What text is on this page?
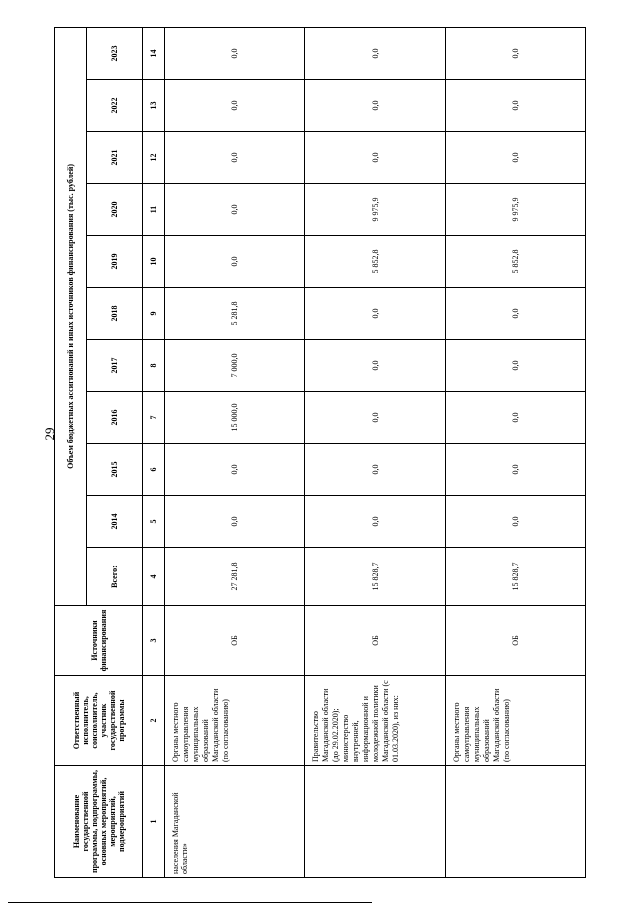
29
Наименование государственной программы, подпрограммы, основных мероприятий, мероприятий, подмероприятий	Ответственный исполнитель, соисполнитель, участник государственной программы	Источники финансирования	Объем бюджетных ассигнований и иных источников финансирования (тыс. рублей)										
			Всего:	2014	2015	2016	2017	2018	2019	2020	2021	2022	2023
1	2	3	4	5	6	7	8	9	10	11	12	13	14
населения Магаданской области»	Органы местного самоуправления муниципальных образований Магаданской области (по согласованию)	ОБ	27 281,8	0,0	0,0	15 000,0	7 000,0	5 281,8	0,0	0,0	0,0	0,0	0,0
	Правительство Магаданской области (до 29.02.2020); министерство внутренней, информационной и молодежной политики Магаданской области (с 01.03.2020), из них:	ОБ	15 828,7	0,0	0,0	0,0	0,0	0,0	5 852,8	9 975,9	0,0	0,0	0,0
	Органы местного самоуправления муниципальных образований Магаданской области (по согласованию)	ОБ	15 828,7	0,0	0,0	0,0	0,0	0,0	5 852,8	9 975,9	0,0	0,0	0,0
